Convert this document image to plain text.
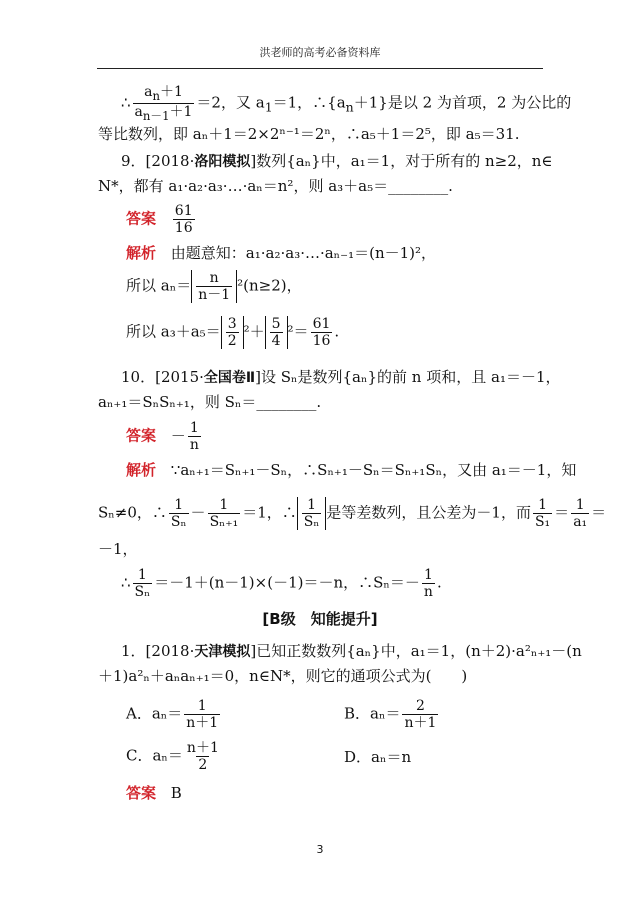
洪老师的高考必备资料库
∴ $\frac{a_n+1}{a_{n-1}+1} =2$，又 $a_1=1$，$\therefore\{a_n+1\}$是以 2 为首项，2 为公比的
等比数列，即 aₙ＋1＝2×2ⁿ⁻¹＝2ⁿ，∴a₅＋1＝2⁵，即 a₅＝31.
9．[2018·洛阳模拟]数列{aₙ}中，a₁＝1，对于所有的 n≥2，n∈
N*，都有 a₁·a₂·a₃·…·aₙ＝n²，则 a₃＋a₅＝________.
答案 $\frac{61}{16}$
解析 由题意知：a₁·a₂·a₃·…·aₙ₋₁＝(n－1)²，
所以 $a_n= \frac{n}{n-1} ^2(n\ge 2)$，
所以 $a_3+a_5= \frac{3}{2} ^2+ \frac{5}{4} ^2= \frac{61}{16}$ .
10．[2015·全国卷Ⅱ]设 Sₙ是数列{aₙ}的前 n 项和，且 a₁＝－1，
aₙ₊₁＝SₙSₙ₊₁，则 Sₙ＝________.
答案 － $\frac{1}{n}$
解析 ∵aₙ₊₁＝Sₙ₊₁－Sₙ，∴Sₙ₊₁－Sₙ＝Sₙ₊₁Sₙ，又由 a₁＝－1，知
Sₙ≠0，∴ $\frac{1}{\text{Sₙ}} - \frac{1}{\text{Sₙ₊₁}} =1$，∴ $\frac{1}{\text{Sₙ}}$ 是等差数列，且公差为－1，而 $\frac{1}{\text{S₁}} = \frac{1}{\text{a₁}}$ ＝
－1，
∴ $\frac{1}{\text{Sₙ}} =-1+(n-1)\times(-1)=-n$，∴Sₙ＝－ $\frac{1}{n}$ .
[B级　知能提升]
1．[2018·天津模拟]已知正数数列{aₙ}中，a₁＝1，(n＋2)·a²ₙ₊₁－(n
＋1)a²ₙ＋aₙaₙ₊₁＝0，n∈N*，则它的通项公式为(　　)
A．$a_n= \frac{1}{n+1}$	B．$a_n= \frac{2}{n+1}$
C．$a_n= \frac{n+1}{2}$	D．aₙ＝n
答案 B
3
